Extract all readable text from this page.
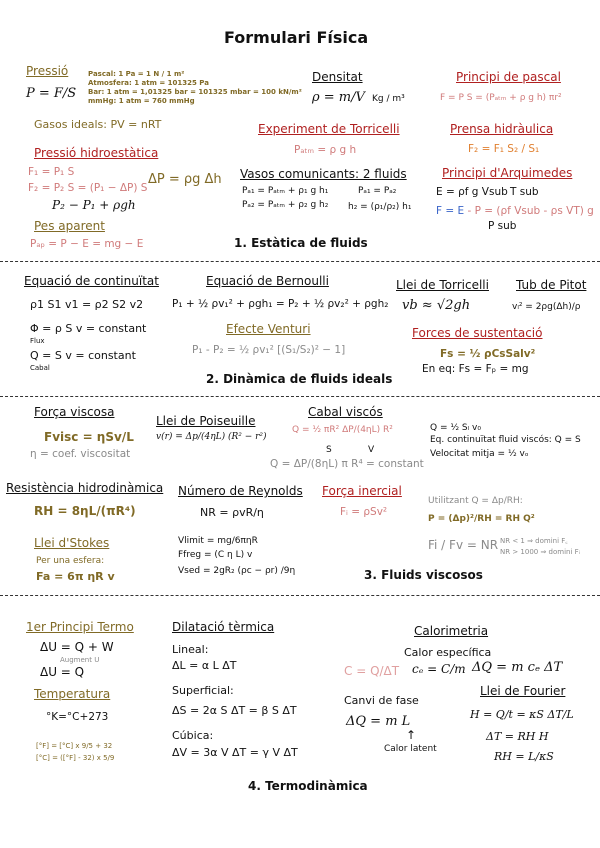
Formulari Física
Pressió
P = F/S
Pascal: 1 Pa = 1 N / 1 m²
Atmosfera: 1 atm = 101325 Pa
Bar: 1 atm = 1,01325 bar = 101325 mbar = 100 kN/m²
mmHg: 1 atm = 760 mmHg
Gasos ideals: PV = nRT
Pressió hidroestàtica
F₁ = P₁ S
F₂ = P₂ S = (P₁ − ΔP) S
P₂ − P₁ + ρgh
ΔP = ρg Δh
Pes aparent
Pₐₚ = P − E = mg − E
Densitat
ρ = m/V Kg / m³
Experiment de Torricelli
Pₐₜₘ = ρ g h
Vasos comunicants: 2 fluids
Pₐ₁ = Pₐₜₘ + ρ₁ g h₁
Pₐ₂ = Pₐₜₘ + ρ₂ g h₂
Pₐ₁ = Pₐ₂
h₂ = (ρ₁/ρ₂) h₁
Principi de pascal
F = P S = (Pₐₜₘ + ρ g h) πr²
Prensa hidràulica
F₂ = F₁ S₂ / S₁
Principi d'Arquimedes
E = ρf g Vsub T sub
F = E - P = (ρf Vsub - ρs VT) g
P sub
1. Estàtica de fluids
Equació de continuïtat
ρ1 S1 v1 = ρ2 S2 v2
Φ = ρ S v = constant
Flux
Q = S v = constant
Cabal
Equació de Bernoulli
P₁ + ½ ρv₁² + ρgh₁ = P₂ + ½ ρv₂² + ρgh₂
Efecte Venturi
P₁ - P₂ = ½ ρv₁² [(S₁/S₂)² − 1]
Llei de Torricelli
vb ≈ √2gh
Tub de Pitot
vₗ² = 2ρg(Δh)/ρ
Forces de sustentació
Fs = ½ ρCsSalv²
En eq: Fs = Fₚ = mg
2. Dinàmica de fluids ideals
Força viscosa
Fvisc = ηSv/L
η = coef. viscositat
Llei de Poiseuille
v(r) = Δp/(4ηL) (R² − r²)
Cabal viscós
Q = ½ πR² ΔP/(4ηL) R²
S	V
Q = ΔP/(8ηL) π R⁴ = constant
Q = ½ Sₗ v₀
Eq. continuïtat fluid viscós: Q = S
Velocitat mitja = ½ vₒ
Resistència hidrodinàmica
RH = 8ηL/(πR⁴)
Número de Reynolds
NR = ρvR/η
Força inercial
Fᵢ = ρSv²
Utilitzant Q = Δp/RH:
P = (Δp)²/RH = RH Q²
Fi / Fv = NR NR < 1 ⇒ domini F꜀
NR > 1000 ⇒ domini Fᵢ
Llei d'Stokes
Per una esfera:
Fa = 6π ηR v
Vlimit = mg/6πηR
Ffreg = (C η L) v
Vsed = 2gR₂ (ρc − ρr) /9η	3. Fluids viscosos
1er Principi Termo
ΔU = Q + W
Augment U
ΔU = Q
Temperatura
°K=°C+273
[°F] = [°C] x 9/5 + 32
[°C] = ([°F] - 32) x 5/9
Dilatació tèrmica
Lineal:
ΔL = α L ΔT
Superficial:
ΔS = 2α S ΔT = β S ΔT
Cúbica:
ΔV = 3α V ΔT = γ V ΔT
Calorimetria
Calor específica
C = Q/ΔT cₑ = C/m ΔQ = m cₑ ΔT
Canvi de fase
ΔQ = m L
↑
Calor latent
Llei de Fourier
H = Q/t = κS ΔT/L
ΔT = RH H
RH = L/κS
4. Termodinàmica
